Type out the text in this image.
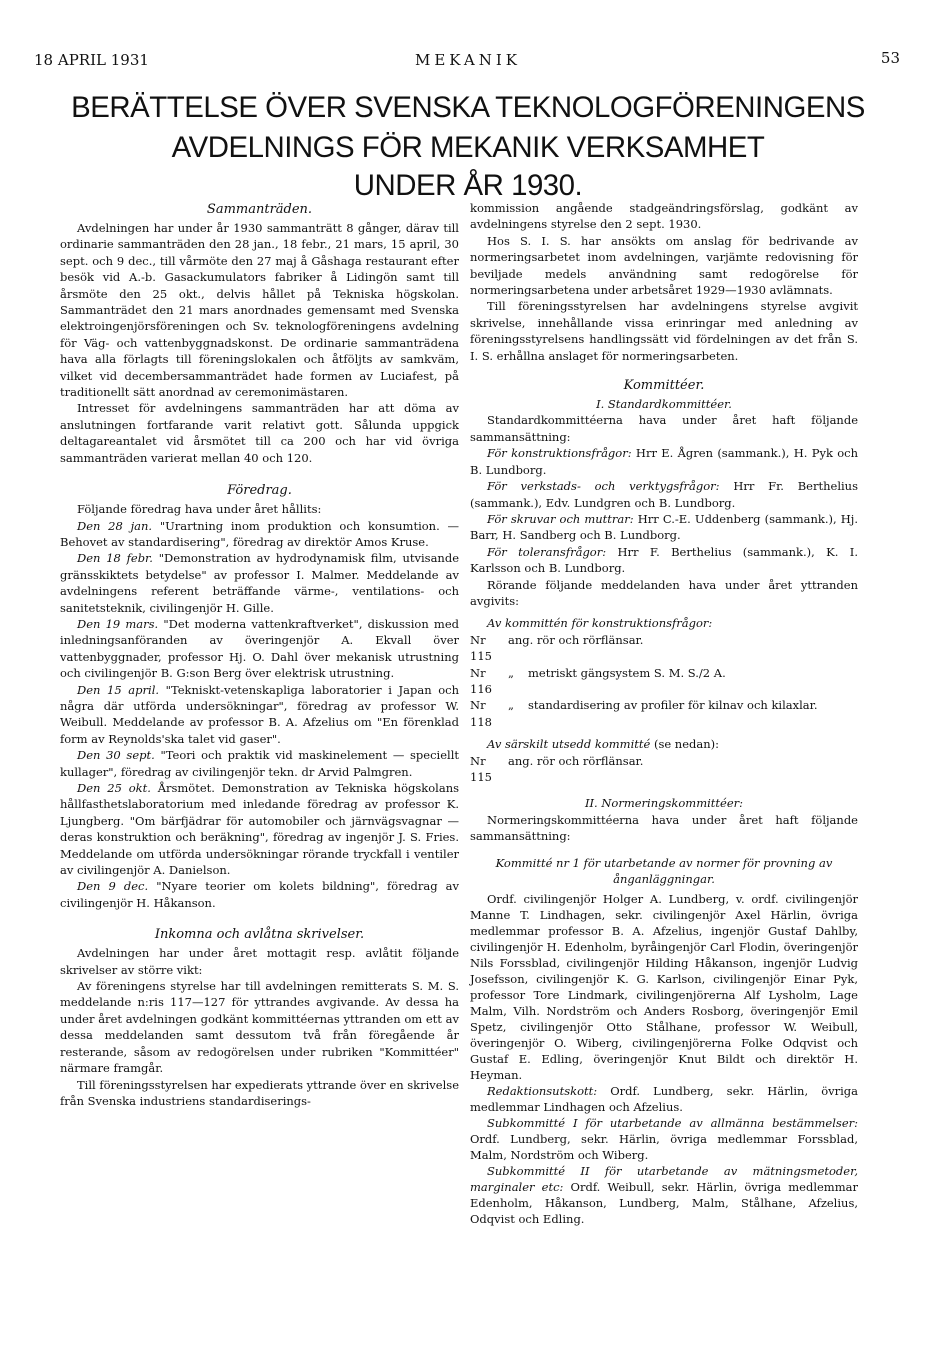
18 APRIL 1931	MEKANIK	53
BERÄTTELSE ÖVER SVENSKA TEKNOLOGFÖRENINGENS
AVDELNINGS FÖR MEKANIK VERKSAMHET
UNDER ÅR 1930.
Sammanträden.

Avdelningen har under år 1930 sammanträtt 8 gånger, därav till ordinarie sammanträden den 28 jan., 18 febr., 21 mars, 15 april, 30 sept. och 9 dec., till vårmöte den 27 maj å Gåshaga restaurant efter besök vid A.-b. Gasackumulators fabriker å Lidingön samt till årsmöte den 25 okt., delvis hållet på Tekniska högskolan. Sammanträdet den 21 mars anordnades gemensamt med Svenska elektroingenjörsföreningen och Sv. teknologföreningens avdelning för Väg- och vattenbyggnadskonst. De ordinarie sammanträdena hava alla förlagts till föreningslokalen och åtföljts av samkväm, vilket vid decembersammanträdet hade formen av Luciafest, på traditionellt sätt anordnad av ceremonimästaren.

Intresset för avdelningens sammanträden har att döma av anslutningen fortfarande varit relativt gott. Sålunda uppgick deltagareantalet vid årsmötet till ca 200 och har vid övriga sammanträden varierat mellan 40 och 120.

Föredrag.

Följande föredrag hava under året hållits:

Den 28 jan. "Urartning inom produktion och konsumtion. — Behovet av standardisering", föredrag av direktör Amos Kruse.

Den 18 febr. "Demonstration av hydrodynamisk film, utvisande gränsskiktets betydelse" av professor I. Malmer. Meddelande av avdelningens referent beträffande värme-, ventilations- och sanitetsteknik, civilingenjör H. Gille.

Den 19 mars. "Det moderna vattenkraftverket", diskussion med inledningsanföranden av överingenjör A. Ekvall över vattenbyggnader, professor Hj. O. Dahl över mekanisk utrustning och civilingenjör B. G:son Berg över elektrisk utrustning.

Den 15 april. "Tekniskt-vetenskapliga laboratorier i Japan och några där utförda undersökningar", föredrag av professor W. Weibull. Meddelande av professor B. A. Afzelius om "En förenklad form av Reynolds'ska talet vid gaser".

Den 30 sept. "Teori och praktik vid maskinelement — speciellt kullager", föredrag av civilingenjör tekn. dr Arvid Palmgren.

Den 25 okt. Årsmötet. Demonstration av Tekniska högskolans hållfasthetslaboratorium med inledande föredrag av professor K. Ljungberg. "Om bärfjädrar för automobiler och järnvägsvagnar — deras konstruktion och beräkning", föredrag av ingenjör J. S. Fries. Meddelande om utförda undersökningar rörande tryckfall i ventiler av civilingenjör A. Danielson.

Den 9 dec. "Nyare teorier om kolets bildning", föredrag av civilingenjör H. Håkanson.

Inkomna och avlåtna skrivelser.

Avdelningen har under året mottagit resp. avlåtit följande skrivelser av större vikt:

Av föreningens styrelse har till avdelningen remitterats S. M. S. meddelande n:ris 117—127 för yttrandes avgivande. Av dessa ha under året avdelningen godkänt kommittéernas yttranden om ett av dessa meddelanden samt dessutom två från föregående år resterande, såsom av redogörelsen under rubriken "Kommittéer" närmare framgår.

Till föreningsstyrelsen har expedierats yttrande över en skrivelse från Svenska industriens standardiserings-

kommission angående stadgeändringsförslag, godkänt av avdelningens styrelse den 2 sept. 1930.

Hos S. I. S. har ansökts om anslag för bedrivande av normeringsarbetet inom avdelningen, varjämte redovisning för beviljade medels användning samt redogörelse för normeringsarbetena under arbetsåret 1929—1930 avlämnats.

Till föreningsstyrelsen har avdelningens styrelse avgivit skrivelse, innehållande vissa erinringar med anledning av föreningsstyrelsens handlingssätt vid fördelningen av det från S. I. S. erhållna anslaget för normeringsarbeten.

Kommittéer.
I. Standardkommittéer.

Standardkommittéerna hava under året haft följande sammansättning:

För konstruktionsfrågor: Hrr E. Ågren (sammank.), H. Pyk och B. Lundborg.

För verkstads- och verktygsfrågor: Hrr Fr. Berthelius (sammank.), Edv. Lundgren och B. Lundborg.

För skruvar och muttrar: Hrr C.-E. Uddenberg (sammank.), Hj. Barr, H. Sandberg och B. Lundborg.

För toleransfrågor: Hrr F. Berthelius (sammank.), K. I. Karlsson och B. Lundborg.

Rörande följande meddelanden hava under året yttranden avgivits:

Av kommittén för konstruktionsfrågor:

Nr 115
ang. rör och rörflänsar.
Nr 116
„	metriskt gängsystem S. M. S./2 A.
Nr 118
„	standardisering av profiler för kilnav och kilaxlar.

Av särskilt utsedd kommitté (se nedan):

Nr 115
ang. rör och rörflänsar.
II. Normeringskommittéer:

Normeringskommittéerna hava under året haft följande sammansättning:

Kommitté nr 1 för utarbetande av normer för provning av ånganläggningar.

Ordf. civilingenjör Holger A. Lundberg, v. ordf. civilingenjör Manne T. Lindhagen, sekr. civilingenjör Axel Härlin, övriga medlemmar professor B. A. Afzelius, ingenjör Gustaf Dahlby, civilingenjör H. Edenholm, byråingenjör Carl Flodin, överingenjör Nils Forssblad, civilingenjör Hilding Håkanson, ingenjör Ludvig Josefsson, civilingenjör K. G. Karlson, civilingenjör Einar Pyk, professor Tore Lindmark, civilingenjörerna Alf Lysholm, Lage Malm, Vilh. Nordström och Anders Rosborg, överingenjör Emil Spetz, civilingenjör Otto Stålhane, professor W. Weibull, överingenjör O. Wiberg, civilingenjörerna Folke Odqvist och Gustaf E. Edling, överingenjör Knut Bildt och direktör H. Heyman.

Redaktionsutskott: Ordf. Lundberg, sekr. Härlin, övriga medlemmar Lindhagen och Afzelius.

Subkommitté I för utarbetande av allmänna bestämmelser: Ordf. Lundberg, sekr. Härlin, övriga medlemmar Forssblad, Malm, Nordström och Wiberg.

Subkommitté II för utarbetande av mätningsmetoder, marginaler etc: Ordf. Weibull, sekr. Härlin, övriga medlemmar Edenholm, Håkanson, Lundberg, Malm, Stålhane, Afzelius, Odqvist och Edling.
